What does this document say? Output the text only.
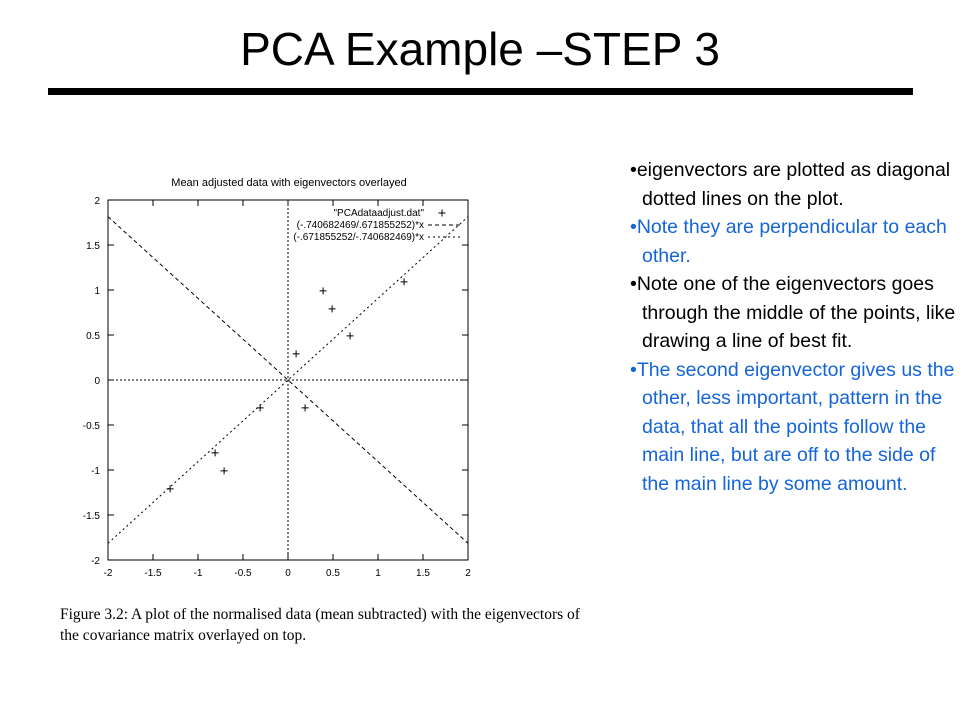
PCA Example –STEP 3
Mean adjusted data with eigenvectors overlayed
-2	-1.5	-1	-0.5	0	0.5	1	1.5	2
2
1.5
1
0.5
0
-0.5
-1
-1.5
-2
"PCAdataadjust.dat"
(-.740682469/.671855252)*x
(-.671855252/-.740682469)*x
Figure 3.2: A plot of the normalised data (mean subtracted) with the eigenvectors of
the covariance matrix overlayed on top.
• eigenvectors are plotted as diagonal dotted lines on the plot.
• Note they are perpendicular to each other.
• Note one of the eigenvectors goes through the middle of the points, like drawing a line of best fit.
• The second eigenvector gives us the other, less important, pattern in the data, that all the points follow the main line, but are off to the side of the main line by some amount.
